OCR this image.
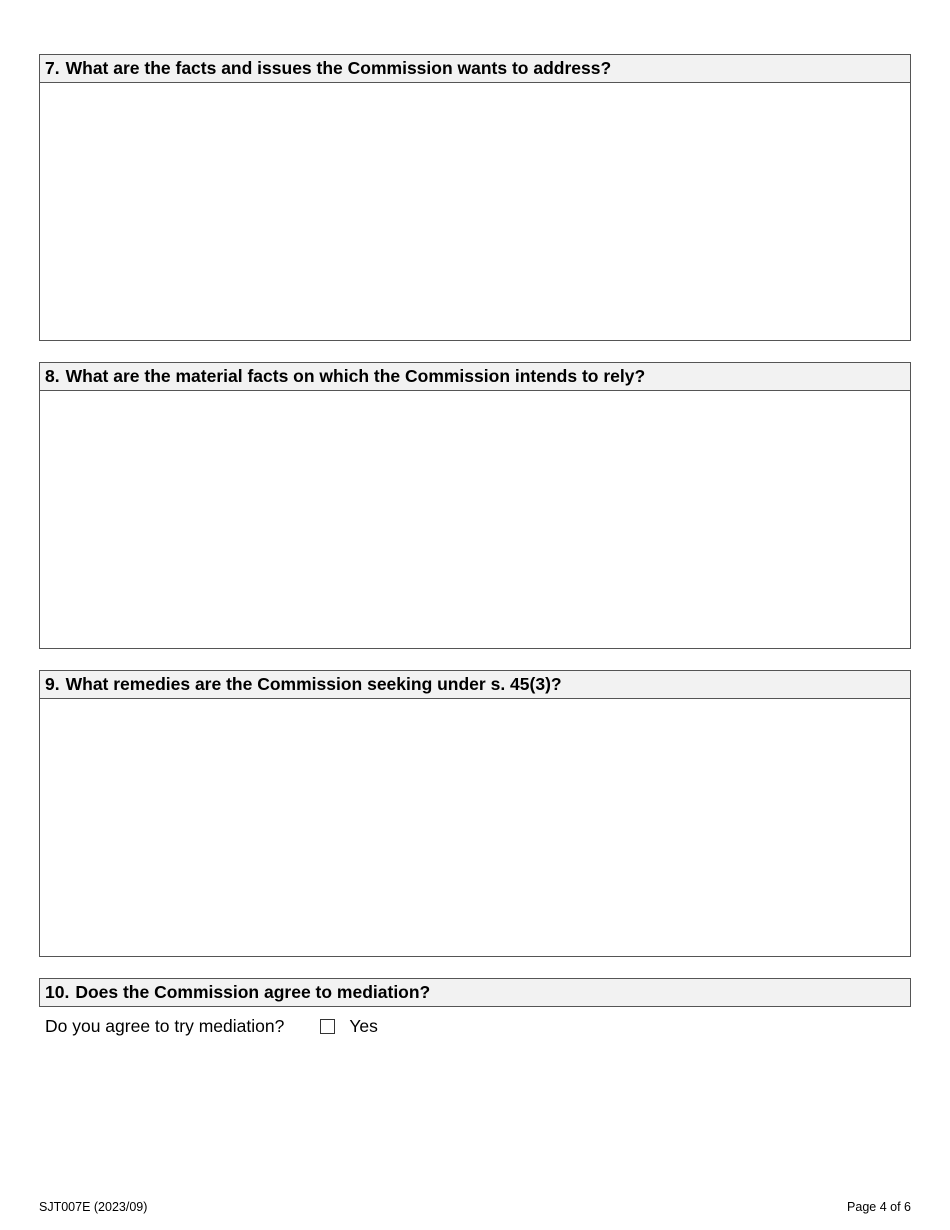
7. What are the facts and issues the Commission wants to address?
8. What are the material facts on which the Commission intends to rely?
9. What remedies are the Commission seeking under s. 45(3)?
10. Does the Commission agree to mediation?
Do you agree to try mediation?	Yes
SJT007E (2023/09)	Page 4 of 6
